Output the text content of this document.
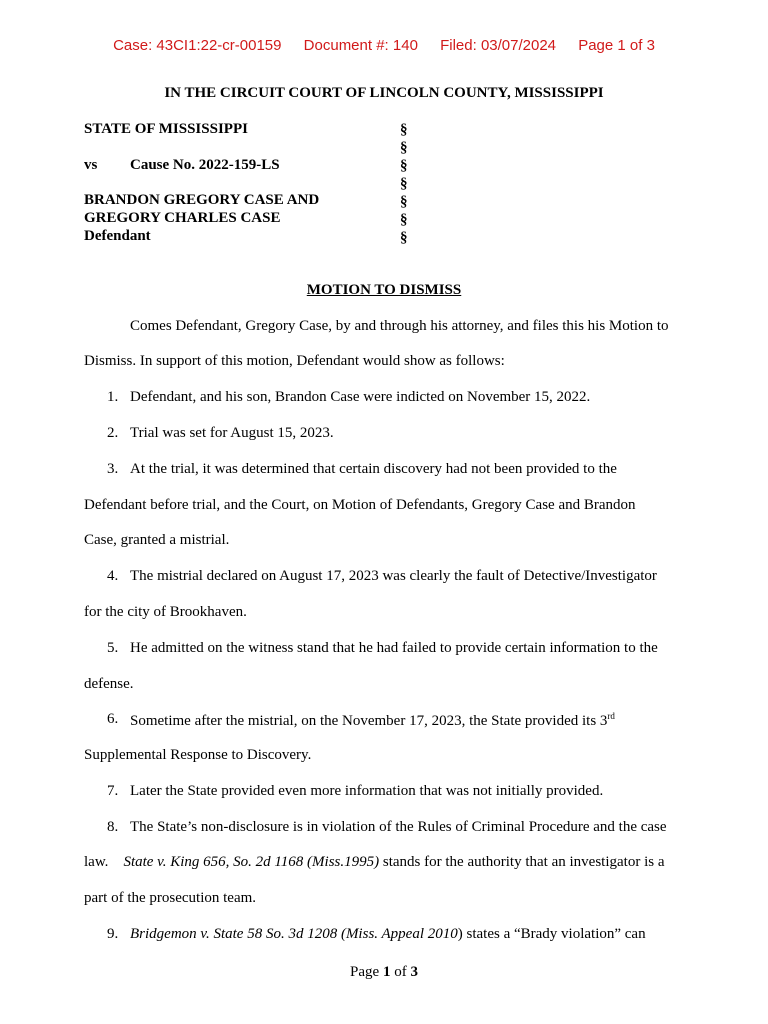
Case: 43CI1:22-cr-00159 Document #: 140 Filed: 03/07/2024 Page 1 of 3
IN THE CIRCUIT COURT OF LINCOLN COUNTY, MISSISSIPPI
STATE OF MISSISSIPPI
vs Cause No. 2022-159-LS
BRANDON GREGORY CASE AND
GREGORY CHARLES CASE
Defendant
§
§
§
§
§
§
§
MOTION TO DISMISS
Comes Defendant, Gregory Case, by and through his attorney, and files this his Motion to
Dismiss. In support of this motion, Defendant would show as follows:
1. Defendant, and his son, Brandon Case were indicted on November 15, 2022.
2. Trial was set for August 15, 2023.
3. At the trial, it was determined that certain discovery had not been provided to the
Defendant before trial, and the Court, on Motion of Defendants, Gregory Case and Brandon
Case, granted a mistrial.
4. The mistrial declared on August 17, 2023 was clearly the fault of Detective/Investigator
for the city of Brookhaven.
5. He admitted on the witness stand that he had failed to provide certain information to the
defense.
6. Sometime after the mistrial, on the November 17, 2023, the State provided its 3rd
Supplemental Response to Discovery.
7. Later the State provided even more information that was not initially provided.
8. The State’s non-disclosure is in violation of the Rules of Criminal Procedure and the case
law.    State v. King 656, So. 2d 1168 (Miss.1995) stands for the authority that an investigator is a
part of the prosecution team.
9. Bridgemon v. State 58 So. 3d 1208 (Miss. Appeal 2010) states a “Brady violation” can
Page 1 of 3
